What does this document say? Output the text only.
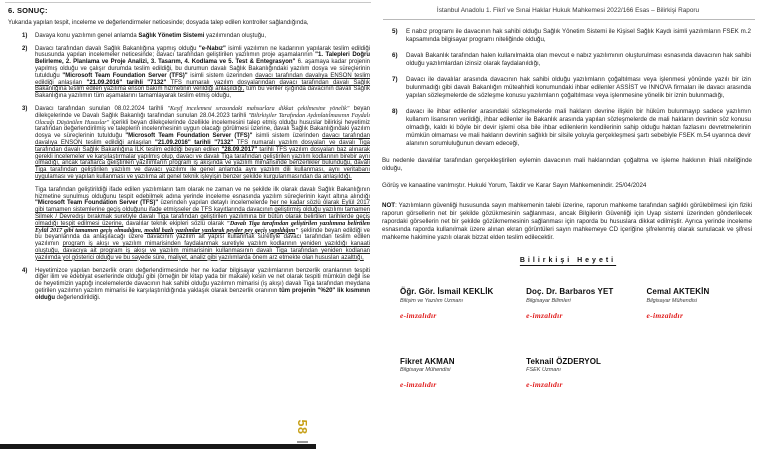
6. SONUÇ:

Yukarıda yapılan tespit, inceleme ve değerlendirmeler neticesinde; dosyada talep edilen kontroller sağlandığında,

1)	Davaya konu yazılımın genel anlamda Sağlık Yönetim Sistemi yazılımından oluştuğu,
2)	Davacı tarafından davalı Sağlık Bakanlığına yapmış olduğu "e-Nabız" isimli yazılımın ne kadarının yapılarak teslim edildiği hususunda yapılan incelemeler neticesinde; davacı tarafından geliştirilen yazılımın proje aşamalarının "1. Talepleri Doğru Belirleme, 2. Planlama ve Proje Analizi, 3. Tasarım, 4. Kodlama ve 5. Test & Entegrasyon" 6. aşamaya kadar projenin yapılmış olduğu ve çalışır durumda teslim edildiği, bu durumun davalı Sağlık Bakanlığındaki yazılım dosya ve süreçlerinin tutulduğu "Microsoft Team Foundation Server (TFS)" isimli sistem üzerinden davacı tarafından davalıya ENSON teslim edildiği anlaşılan "21.09.2016" tarihli "7132" TFS numaralı yazılım dosyalarından davacı tarafından davalı Sağlık Bakanlığına teslim edilen yazılıma enson bakım hizmetinin verildiği anlaşıldığı, tüm bu veriler ışığında davacının davalı Sağlık Bakanlığına yazılımın tüm aşamalarını tamamlayarak teslim etmiş olduğu,
3)	Davacı tarafından sunulan 08.02.2024 tarihli "Keşif incelemesi sırasındaki mahsurlara dikkat çekilmesine yönelik" beyan dilekçelerinde ve Davalı Sağlık Bakanlığı tarafından sunulan 28.04.2023 tarihli "Bilirkişiler Tarafından Aydınlatılmasının Faydalı Olacağı Düşünülen Hususlar" içerikli beyan dilekçelerinde özellikle incelemesini talep etmiş olduğu hususlar bilirkişi heyetimiz tarafından değerlendirilmiş ve taleplerin incelenmesinin uygun olacağı görülmesi üzerine, davalı Sağlık Bakanlığındaki yazılım dosya ve süreçlerinin tutulduğu "Microsoft Team Foundation Server (TFS)" isimli sistem üzerinden davacı tarafından davalıya ENSON teslim edildiği anlaşılan "21.09.2016" tarihli "7132" TFS numaralı yazılım dosyaları ve davalı Tiga tarafından davalı Sağlık Bakanlığına İLK teslim edildiği beyan edilen "28.09.2017" tarihli TFS yazılım dosyaları baz alınarak gerekli incelemeler ve karşılaştırmalar yapılmış olup, davacı ve davalı Tiga tarafından geliştirilen yazılım kodlarının birebir aynı olmadığı, ancak taraflarca geliştirilen yazılımların program iş akışında ve yazılım mimarisinde benzerlikler bulunduğu, davalı Tiga tarafından geliştirilen yazılım ve davacı yazılımı ile genel anlamda aynı yazılım dili kullanması, aynı veritabanı uygulaması ve yapılan kullanması ve yazılıma ait genel teknik işleyişin benzer şekilde kurgulanmasından da anlaşıldığı.
Tiga tarafından geliştirildiği ifade edilen yazılımların tam olarak ne zaman ve ne şekilde ilk olarak davalı Sağlık Bakanlığının hizmetine sunulmuş olduğunu tespit edebilmek adına yerinde inceleme esnasında yazılım süreçlerinin kayıt altına alındığı "Microsoft Team Foundation Server (TFS)" üzerinden yapılan detaylı incelemelerde her ne kadar sözlü olarak Eylül 2017 gibi tamamen sistemlerine geçiş olduğunu ifade etmişseler de TFS kayıtlarında davacının geliştirmiş olduğu yazılımı tamamen Silmek / Devredışı bırakmak suretiyle davalı Tiga tarafından geliştirilen yazılımına bir bütün olarak belirtilen tarihlerde geçiş olmadığı tespit edilmesi üzerine, davalılar teknik ekipleri sözlü olarak "Davalı Tiga tarafından geliştirilen yazılımına belirtilen Eylül 2017 gibi tamamen geçiş olmadığını, modül bazlı yazılımlar yazılarak peyder pey geçiş yapıldığını" şeklinde beyan edildiği ve bu beyanlarında da anlaşılacağı üzere davacının yazılım alt yapısı kullanmak suretiyle davacı tarafından teslim edilen yazılımın program iş akışı ve yazılım mimarisinden faydalanmak suretiyle yazılım kodlarının yeniden yazıldığı kanaati oluştuğu, davacıya ait program iş akışı ve yazılım mimarisinin kullanmasının davalı Tiga tarafından yeniden kodlanan yazılımda yol gösterici olduğu ve bu sayede süre, maliyet, analiz gibi yazılımlarda önem arz etmekte olan hususları azalttığı,
4)	Heyetimizce yapılan benzerlik oranı değerlendirmesinde her ne kadar bilgisayar yazılımlarının benzerlik oranlarının tespiti diğer ilim ve edebiyat eserlerinde olduğu gibi (örneğin bir kitap yada bir makale) kesin ve net olarak tespiti mümkün değil ise de heyetimizin yaptığı incelemelerde davacının hak sahibi olduğu yazılımın mimarisi (iş akışı) davalı Tiga tarafından meydana getirilen yazılımın yazılım mimarisi ile karşılaştırıldığında yaklaşık olarak benzerlik oranının tüm projenin "%20" lik kısmının olduğu değerlendirildiği.
58
İstanbul Anadolu 1. Fikrî ve Sınai Haklar Hukuk Mahkemesi 2022/166 Esas – Bilirkişi Raporu
5)	E nabız programı ile davacının hak sahibi olduğu Sağlık Yönetim Sistemi ile Kişisel Sağlık Kaydı isimli yazılımların FSEK m.2 kapsamında bilgisayar programı niteliğinde olduğu,
6)	Davalı Bakanlık tarafından halen kullanılmakta olan mevcut e nabız yazılımının oluşturulması esnasında davacının hak sahibi olduğu yazılımlardan izinsiz olarak faydalanıldığı,
7)	Davacı ile davalılar arasında davacının hak sahibi olduğu yazılımların çoğaltılması veya işlenmesi yönünde yazılı bir izin bulunmadığı gibi davalı Bakanlığın müteahhidi konumundaki ihbar edilenler ASSİST ve INNOVA firmaları ile davacı arasında yapılan sözleşmelerde de sözleşme konusu yazılımların çoğaltılması veya işlenmesine yönelik bir iznin bulunmadığı,
8)	davacı ile ihbar edilenler arasındaki sözleşmelerde mali hakların devrine ilişkin bir hüküm bulunmayıp sadece yazılımın kullanım lisansının verildiği, ihbar edilenler ile Bakanlık arasında yapılan sözleşmelerde de mali hakların devrinin söz konusu olmadığı, kaldı ki böyle bir devir işlemi olsa bile ihbar edilenlerin kendilerinin sahip olduğu haktan fazlasını devretmelerinin mümkün olmaması ve mali hakların devrinin sağlıklı bir silsile yoluyla gerçekleşmesi şartı sebebiyle FSEK m.54 uyarınca devir alanının sorumluluğunun devam edeceği,

Bu nedenle davalılar tarafından gerçekleştirilen eylemin davacının mali haklarından çoğaltma ve işleme hakkının ihlali niteliğinde olduğu,

Görüş ve kanaatine varılmıştır. Hukuki Yorum, Takdir ve Karar Sayın Mahkemenindir. 25/04/2024

NOT: Yazılımların güvenliği hususunda sayın mahkemenin talebi üzerine, raporun mahkeme tarafından sağlıklı görülebilmesi için fiziki raporun görsellerin net bir şekilde gözükmesinin sağlanması, ancak Bilgilerin Güvenliği için Uyap sistemi üzerinden gönderilecek rapordaki görsellerin net bir şekilde gözükmemesinin sağlanması için raporda bu hususlara dikkat edilmiştir. Ayrıca yerinde inceleme esnasında raporda kullanılmak üzere alınan ekran görüntüleri sayın mahkemeye CD içeriğine şifrelenmiş olarak sunulacak ve şifresi mahkeme hakimine yazılı olarak bizzat elden teslim edilecektir.

Bilirkişi Heyeti
Öğr. Gör. İsmail KEKLİK
Bilişim ve Yazılım Uzmanı
e-imzalıdır
Doç. Dr. Barbaros YET
Bilgisayar Bilimleri
e-imzalıdır
Cemal AKTEKİN
Bilgisayar Mühendisi
e-imzalıdır
Fikret AKMAN
Bilgisayar Mühendisi
e-imzalıdır
Teknail ÖZDERYOL
FSEK Uzmanı
e-imzalıdır
